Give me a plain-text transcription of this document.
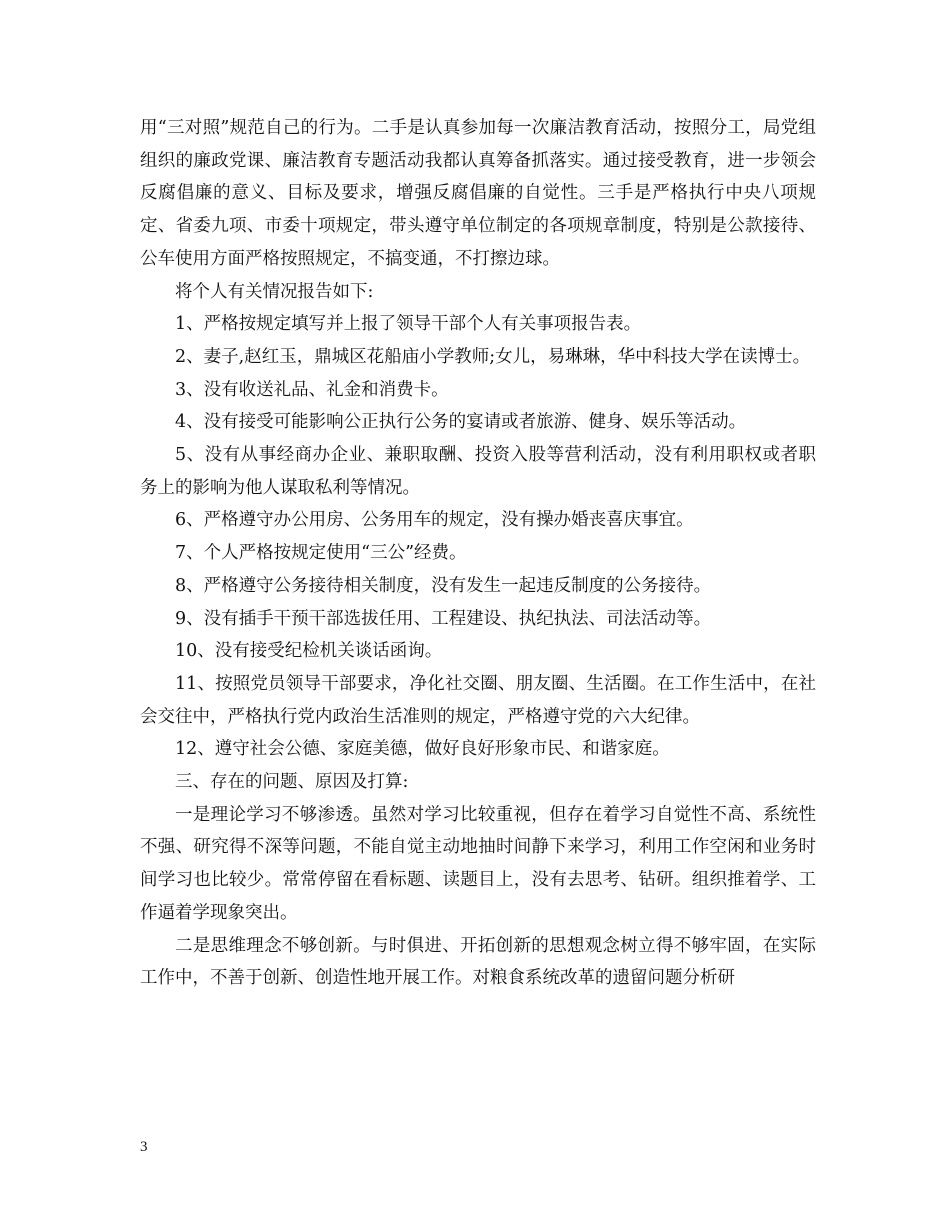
用“三对照”规范自己的行为。二手是认真参加每一次廉洁教育活动，按照分工，局党组组织的廉政党课、廉洁教育专题活动我都认真筹备抓落实。通过接受教育，进一步领会反腐倡廉的意义、目标及要求，增强反腐倡廉的自觉性。三手是严格执行中央八项规定、省委九项、市委十项规定，带头遵守单位制定的各项规章制度，特别是公款接待、公车使用方面严格按照规定，不搞变通，不打擦边球。

将个人有关情况报告如下:

1、严格按规定填写并上报了领导干部个人有关事项报告表。

2、妻子,赵红玉，鼎城区花船庙小学教师;女儿，易琳琳，华中科技大学在读博士。

3、没有收送礼品、礼金和消费卡。

4、没有接受可能影响公正执行公务的宴请或者旅游、健身、娱乐等活动。

5、没有从事经商办企业、兼职取酬、投资入股等营利活动，没有利用职权或者职务上的影响为他人谋取私利等情况。

6、严格遵守办公用房、公务用车的规定，没有操办婚丧喜庆事宜。

7、个人严格按规定使用“三公”经费。

8、严格遵守公务接待相关制度，没有发生一起违反制度的公务接待。

9、没有插手干预干部选拔任用、工程建设、执纪执法、司法活动等。

10、没有接受纪检机关谈话函询。

11、按照党员领导干部要求，净化社交圈、朋友圈、生活圈。在工作生活中，在社会交往中，严格执行党内政治生活准则的规定，严格遵守党的六大纪律。

12、遵守社会公德、家庭美德，做好良好形象市民、和谐家庭。

三、存在的问题、原因及打算:

一是理论学习不够渗透。虽然对学习比较重视，但存在着学习自觉性不高、系统性不强、研究得不深等问题，不能自觉主动地抽时间静下来学习，利用工作空闲和业务时间学习也比较少。常常停留在看标题、读题目上，没有去思考、钻研。组织推着学、工作逼着学现象突出。

二是思维理念不够创新。与时俱进、开拓创新的思想观念树立得不够牢固，在实际工作中，不善于创新、创造性地开展工作。对粮食系统改革的遗留问题分析研

3
